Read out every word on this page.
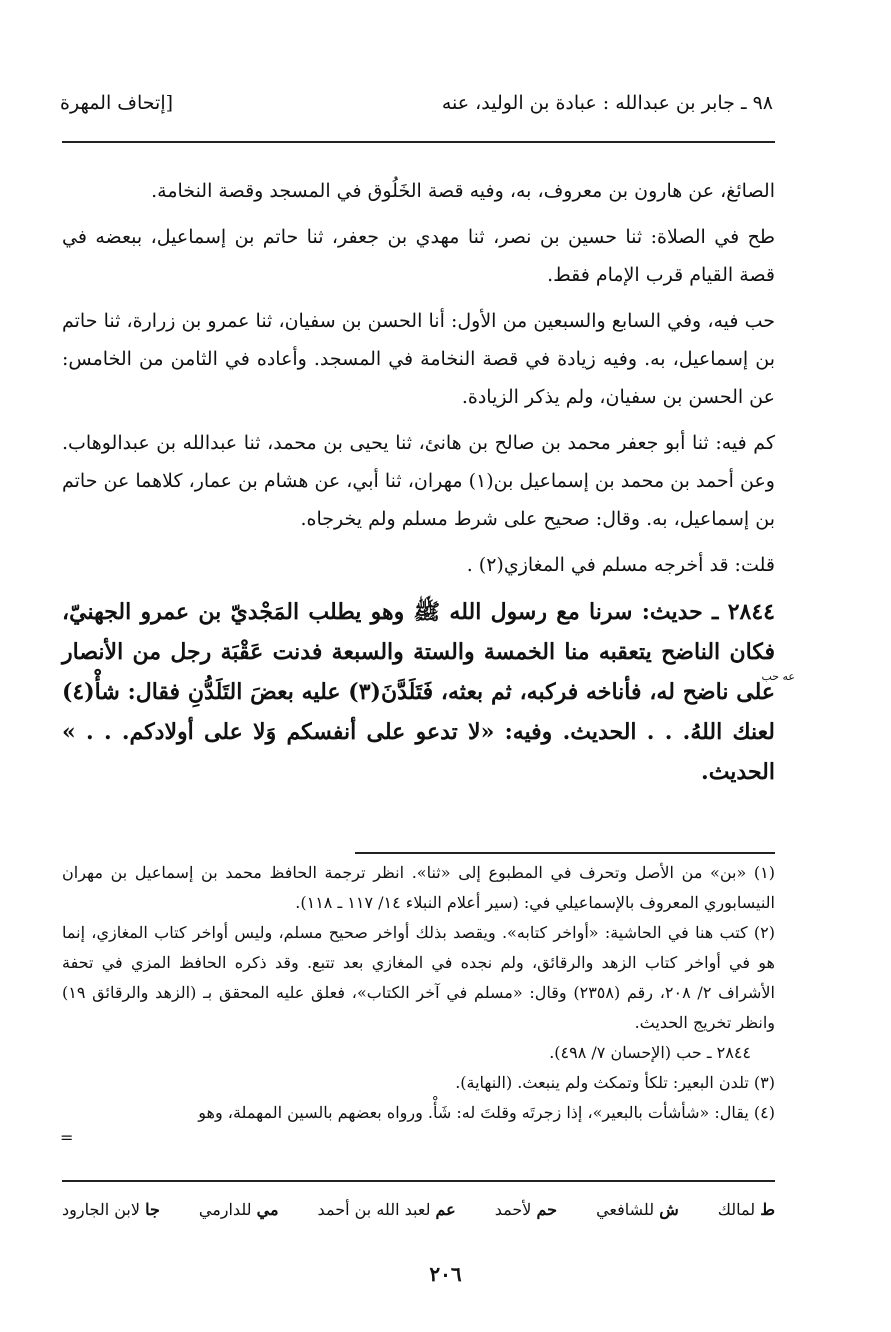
٩٨ ـ جابر بن عبدالله : عبادة بن الوليد، عنه
[إتحاف المهرة

الصائغ، عن هارون بن معروف، به، وفيه قصة الخَلُوق في المسجد وقصة النخامة.

طح في الصلاة: ثنا حسين بن نصر، ثنا مهدي بن جعفر، ثنا حاتم بن إسماعيل، ببعضه في قصة القيام قرب الإمام فقط.

حب فيه، وفي السابع والسبعين من الأول: أنا الحسن بن سفيان، ثنا عمرو بن زرارة، ثنا حاتم بن إسماعيل، به. وفيه زيادة في قصة النخامة في المسجد. وأعاده في الثامن من الخامس: عن الحسن بن سفيان، ولم يذكر الزيادة.

كم فيه: ثنا أبو جعفر محمد بن صالح بن هانئ، ثنا يحيى بن محمد، ثنا عبدالله بن عبدالوهاب. وعن أحمد بن محمد بن إسماعيل بن(١) مهران، ثنا أبي، عن هشام بن عمار، كلاهما عن حاتم بن إسماعيل، به. وقال: صحيح على شرط مسلم ولم يخرجاه.

قلت: قد أخرجه مسلم في المغازي(٢) .

٢٨٤٤ ـ حديث: سرنا مع رسول الله ﷺ وهو يطلب المَجْديّ بن عمرو الجهنيّ، فكان الناضح يتعقبه منا الخمسة والستة والسبعة فدنت عَقْبَة رجل من الأنصار على ناضح له، فأناخه فركبه، ثم بعثه، فَتَلَدَّنَ(٣) عليه بعضَ التَلَدُّنِ فقال: شأْ(٤) لعنك اللهُ. . . الحديث. وفيه: «لا تدعو على أنفسكم وَلا على أولادكم. . . » الحديث.

عه حب

(١) «بن» من الأصل وتحرف في المطبوع إلى «ثنا». انظر ترجمة الحافظ محمد بن إسماعيل بن مهران النيسابوري المعروف بالإسماعيلي في: (سير أعلام النبلاء ١٤/ ١١٧ ـ ١١٨).

(٢) كتب هنا في الحاشية: «أواخر كتابه». ويقصد بذلك أواخر صحيح مسلم، وليس أواخر كتاب المغازي، إنما هو في أواخر كتاب الزهد والرقائق، ولم نجده في المغازي بعد تتبع. وقد ذكره الحافظ المزي في تحفة الأشراف ٢/ ٢٠٨، رقم (٢٣٥٨) وقال: «مسلم في آخر الكتاب»، فعلق عليه المحقق بـ (الزهد والرقائق ١٩) وانظر تخريج الحديث.

٢٨٤٤ ـ حب (الإحسان ٧/ ٤٩٨).

(٣) تلدن البعير: تلكأ وتمكث ولم ينبعث. (النهاية).

(٤) يقال: «شأشأت بالبعير»، إذا زجرتَه وقلتَ له: شَأْ. ورواه بعضهم بالسين المهملة، وهو

=
ط لمالك
ش للشافعي
حم لأحمد
عم لعبد الله بن أحمد
مي للدارمي
جا لابن الجارود
٢٠٦
